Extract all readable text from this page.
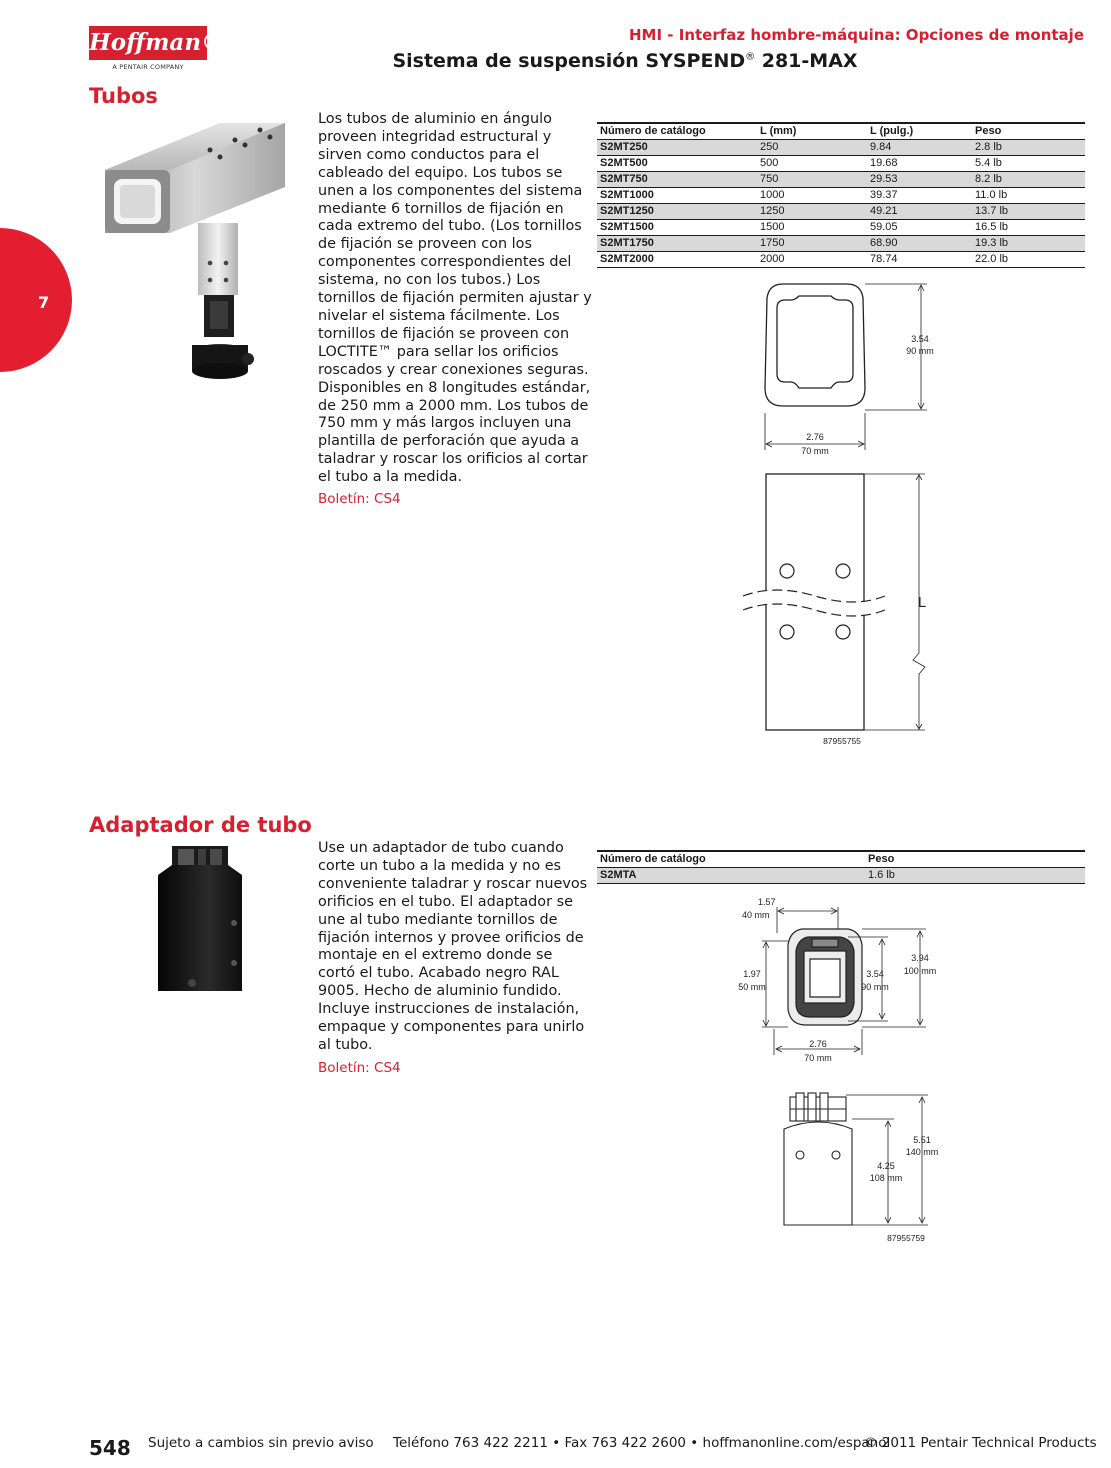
Hoffman®
A PENTAIR COMPANY
HMI - Interfaz hombre-máquina: Opciones de montaje
Sistema de suspensión SYSPEND® 281-MAX
7
Tubos
Los tubos de aluminio en ángulo proveen integridad estructural y sirven como conductos para el cableado del equipo. Los tubos se unen a los componentes del sistema mediante 6 tornillos de fijación en cada extremo del tubo. (Los tornillos de fijación se proveen con los componentes correspondientes del sistema, no con los tubos.) Los tornillos de fijación permiten ajustar y nivelar el sistema fácilmente. Los tornillos de fijación se proveen con LOCTITE™ para sellar los orificios roscados y crear conexiones seguras. Disponibles en 8 longitudes estándar, de 250 mm a 2000 mm. Los tubos de 750 mm y más largos incluyen una plantilla de perforación que ayuda a taladrar y roscar los orificios al cortar el tubo a la medida.
Boletín: CS4
Número de catálogo	L (mm)	L (pulg.)	Peso
S2MT250	250	9.84	2.8 lb
S2MT500	500	19.68	5.4 lb
S2MT750	750	29.53	8.2 lb
S2MT1000	1000	39.37	11.0 lb
S2MT1250	1250	49.21	13.7 lb
S2MT1500	1500	59.05	16.5 lb
S2MT1750	1750	68.90	19.3 lb
S2MT2000	2000	78.74	22.0 lb
3.54
90 mm
2.76
70 mm
L
87955755
Adaptador de tubo
Use un adaptador de tubo cuando corte un tubo a la medida y no es conveniente taladrar y roscar nuevos orificios en el tubo. El adaptador se une al tubo mediante tornillos de fijación internos y provee orificios de montaje en el extremo donde se cortó el tubo. Acabado negro RAL 9005. Hecho de aluminio fundido. Incluye instrucciones de instalación, empaque y componentes para unirlo al tubo.
Boletín: CS4
Número de catálogo	Peso
S2MTA	1.6 lb
1.57
40 mm
1.97
50 mm
3.54
90 mm
3.94
100 mm
2.76
70 mm
5.51
140 mm
4.25
108 mm
87955759
548 Sujeto a cambios sin previo aviso Teléfono 763 422 2211 • Fax 763 422 2600 • hoffmanonline.com/espanol
© 2011 Pentair Technical Products
